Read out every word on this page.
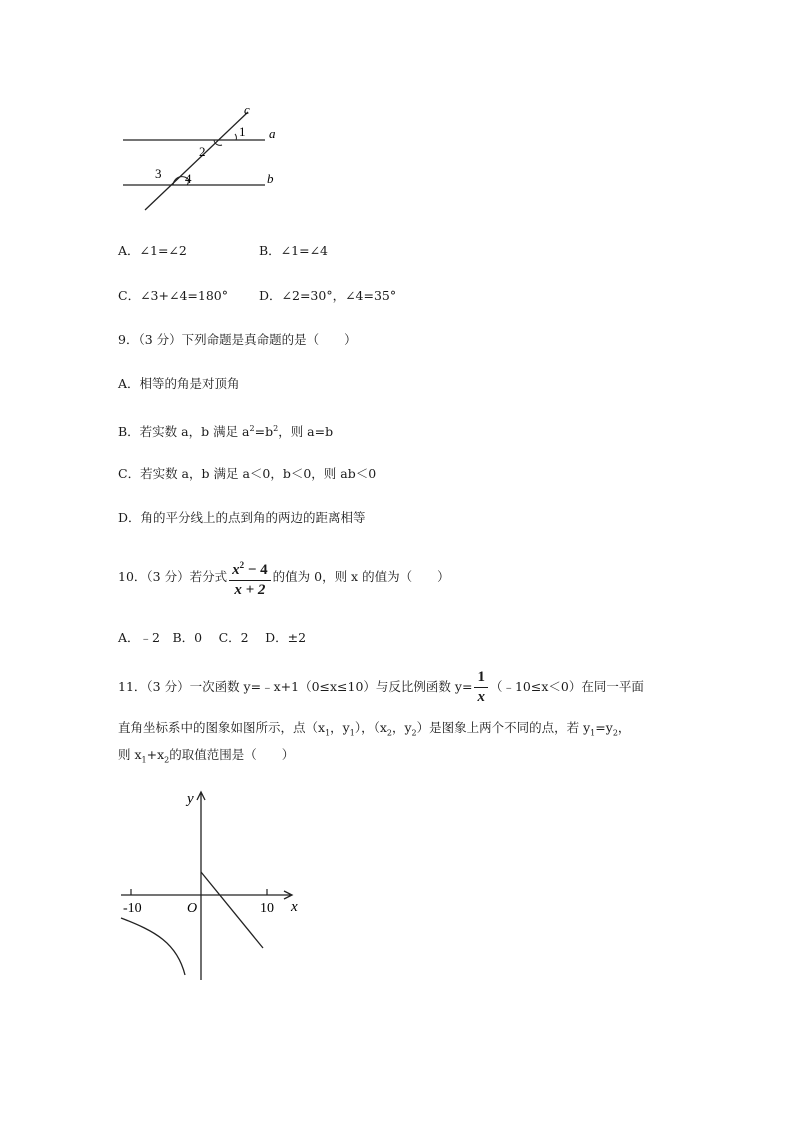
c
a
b
1
2
3 4
A．∠1=∠2	B．∠1=∠4
C．∠3+∠4=180° D．∠2=30°，∠4=35°
9．（3 分）下列命题是真命题的是（　　）
A．相等的角是对顶角
B．若实数 a，b 满足 $a^2=b^2$，则 a=b
C．若实数 a，b 满足 a＜0，b＜0，则 ab＜0
D．角的平分线上的点到角的两边的距离相等
10．（3 分）若分式 $\frac{x^2 - 4}{x + 2}$ 的值为 0，则 x 的值为（　　）
A．﹣2　B．0　 C．2　 D．±2
11．（3 分）一次函数 y=﹣x+1（0≤x≤10）与反比例函数 $y= \frac{1}{x}$ （﹣10≤x＜0）在同一平面
直角坐标系中的图象如图所示，点（$x_1$，$y_1$），（$x_2$，$y_2$）是图象上两个不同的点，若 $y_1=y_2$，
则 $x_1+x_2$的取值范围是（　　）
y
x
O
-10	10
